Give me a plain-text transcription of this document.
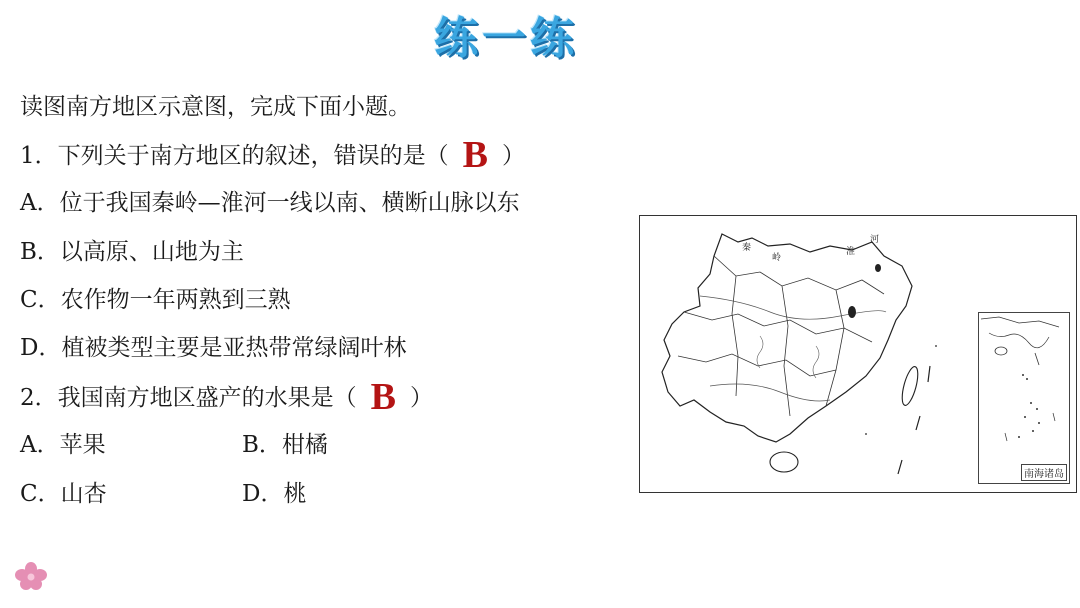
练一练
读图南方地区示意图，完成下面小题。
1．下列关于南方地区的叙述，错误的是（ B ）
A．位于我国秦岭—淮河一线以南、横断山脉以东
B．以高原、山地为主
C．农作物一年两熟到三熟
D．植被类型主要是亚热带常绿阔叶林
2．我国南方地区盛产的水果是（ B ）
A．苹果	B．柑橘
C．山杏	D．桃
秦
岭
淮
河
南海诸岛
